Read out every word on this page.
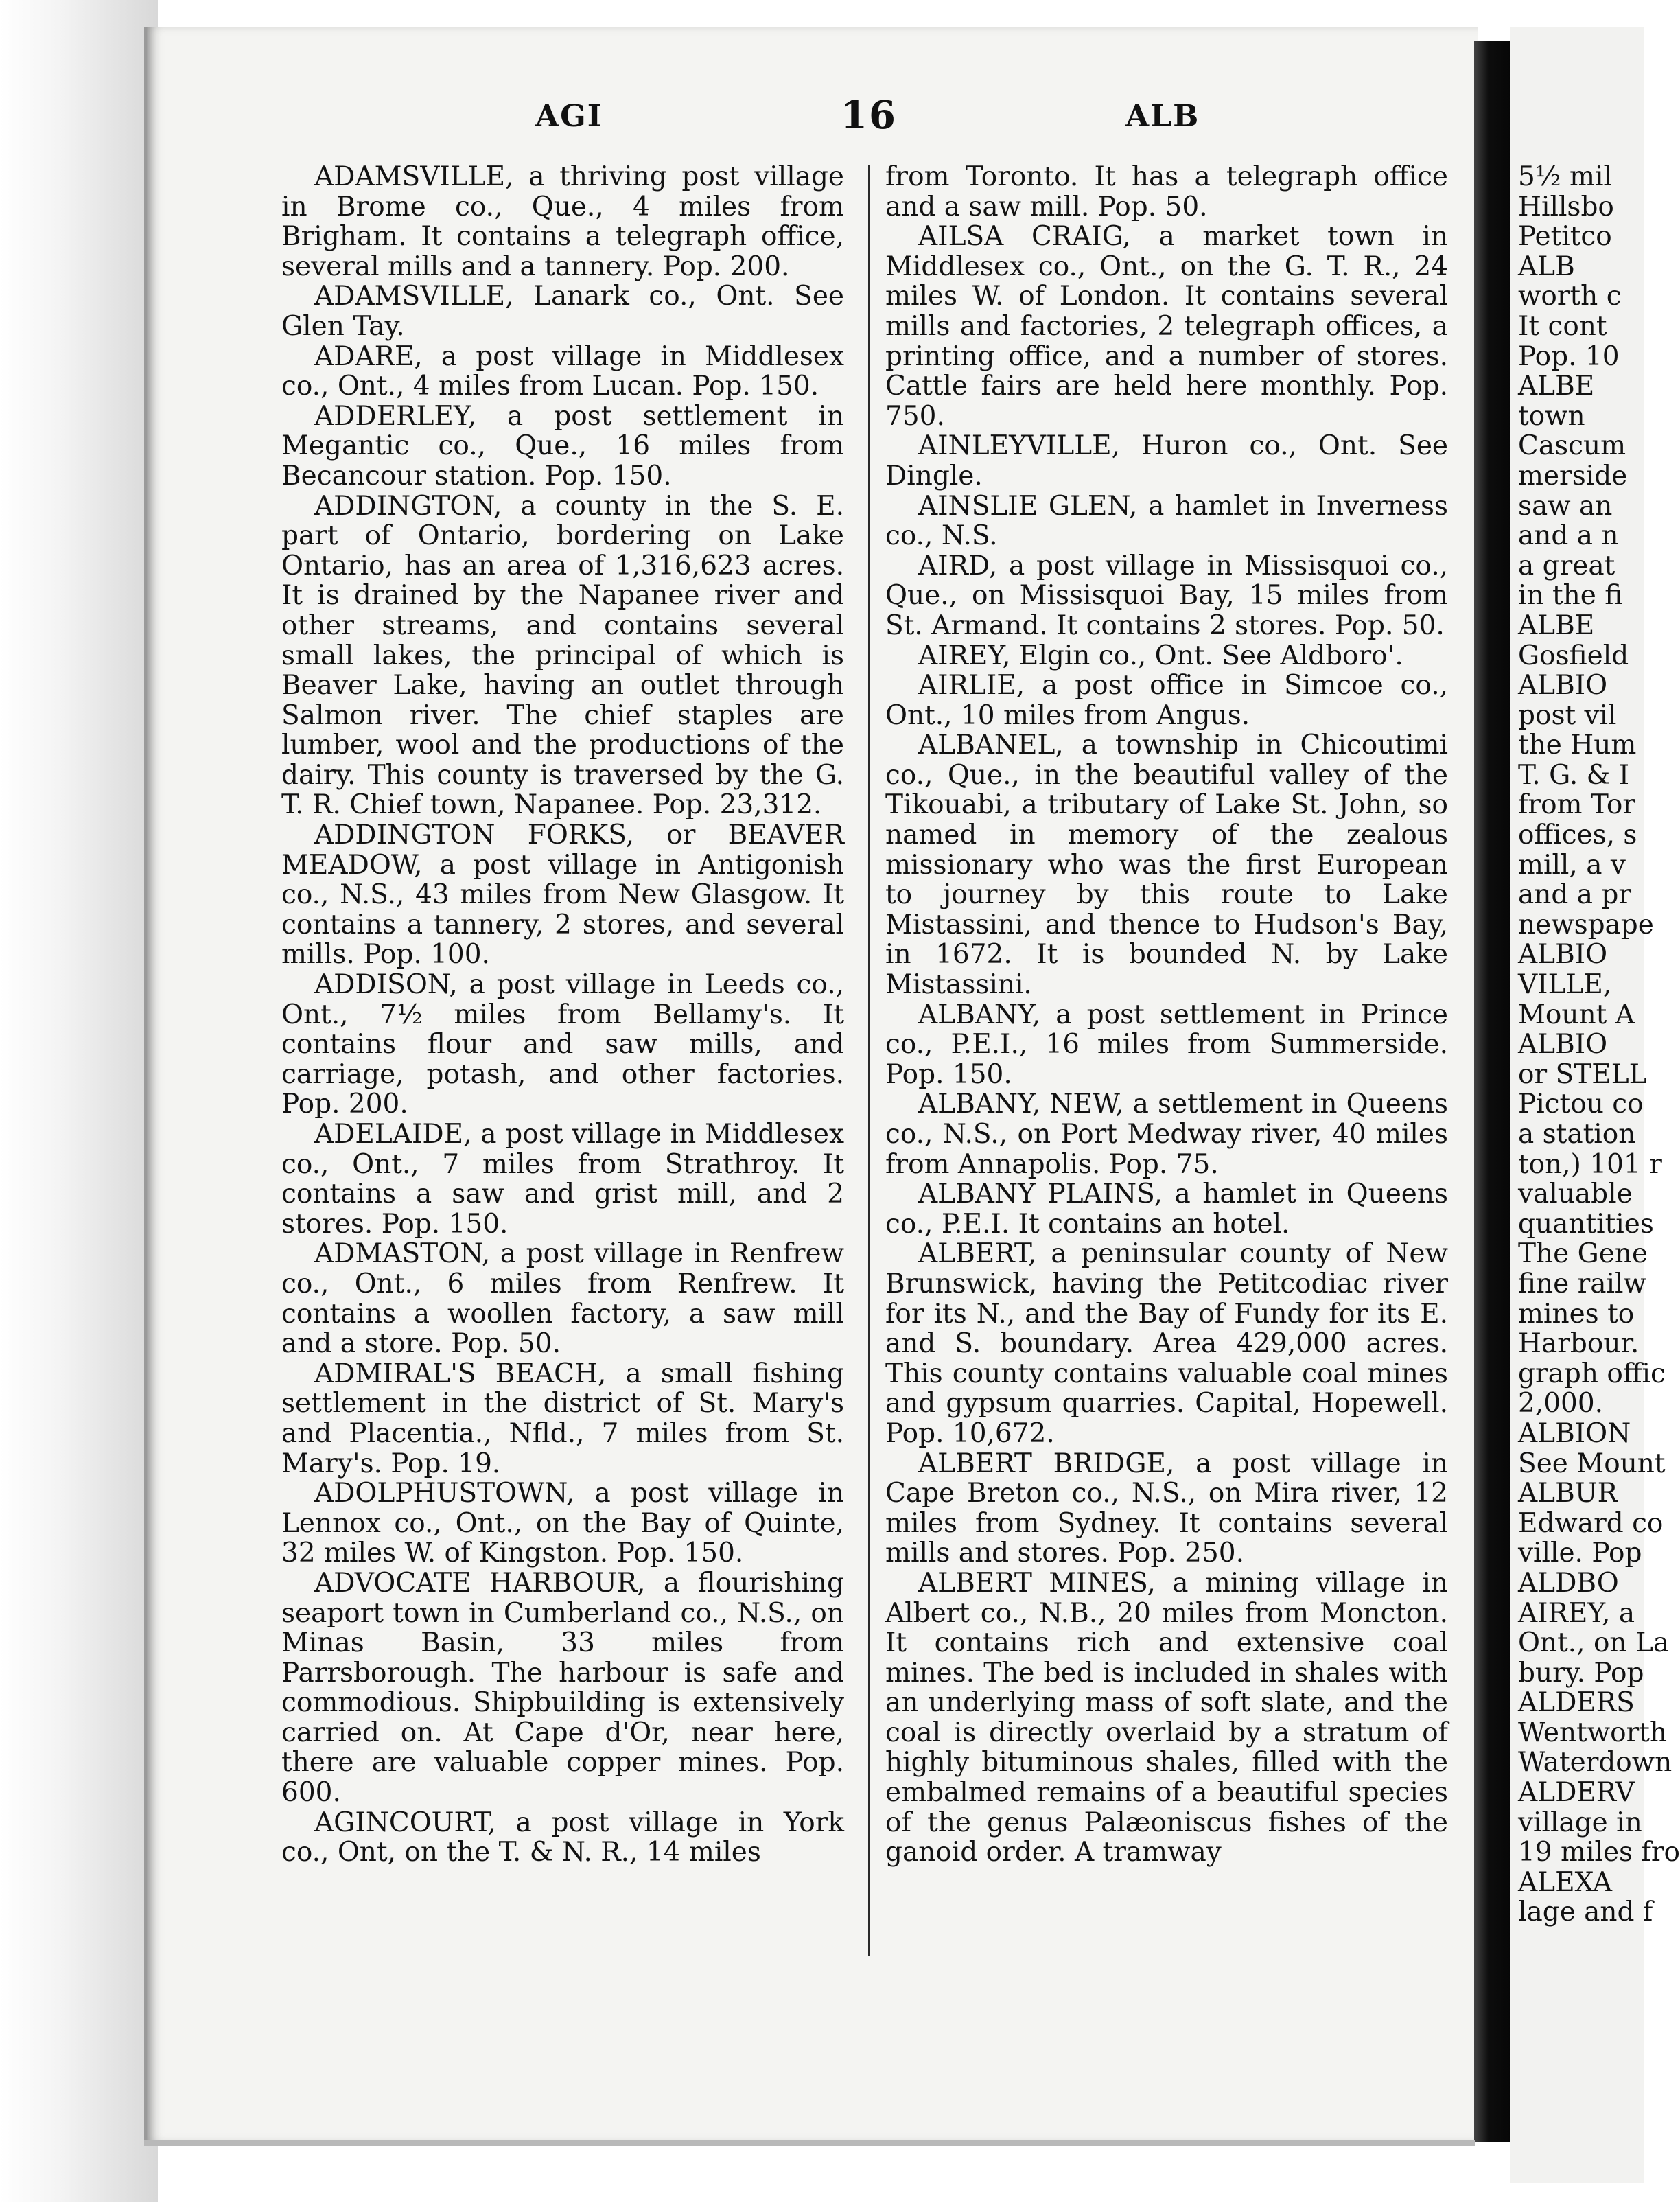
AGI	16	ALB

ADAMSVILLE, a thriving post village in Brome co., Que., 4 miles from Brigham. It contains a telegraph office, several mills and a tannery. Pop. 200.

ADAMSVILLE, Lanark co., Ont. See Glen Tay.

ADARE, a post village in Middlesex co., Ont., 4 miles from Lucan. Pop. 150.

ADDERLEY, a post settlement in Megantic co., Que., 16 miles from Becancour station. Pop. 150.

ADDINGTON, a county in the S. E. part of Ontario, bordering on Lake Ontario, has an area of 1,316,623 acres. It is drained by the Napanee river and other streams, and contains several small lakes, the principal of which is Beaver Lake, having an outlet through Salmon river. The chief staples are lumber, wool and the productions of the dairy. This county is traversed by the G. T. R. Chief town, Napanee. Pop. 23,312.

ADDINGTON FORKS, or BEAVER MEADOW, a post village in Antigonish co., N.S., 43 miles from New Glasgow. It contains a tannery, 2 stores, and several mills. Pop. 100.

ADDISON, a post village in Leeds co., Ont., 7½ miles from Bellamy's. It contains flour and saw mills, and carriage, potash, and other factories. Pop. 200.

ADELAIDE, a post village in Middlesex co., Ont., 7 miles from Strathroy. It contains a saw and grist mill, and 2 stores. Pop. 150.

ADMASTON, a post village in Renfrew co., Ont., 6 miles from Renfrew. It contains a woollen factory, a saw mill and a store. Pop. 50.

ADMIRAL'S BEACH, a small fishing settlement in the district of St. Mary's and Placentia., Nfld., 7 miles from St. Mary's. Pop. 19.

ADOLPHUSTOWN, a post village in Lennox co., Ont., on the Bay of Quinte, 32 miles W. of Kingston. Pop. 150.

ADVOCATE HARBOUR, a flourishing seaport town in Cumberland co., N.S., on Minas Basin, 33 miles from Parrsborough. The harbour is safe and commodious. Shipbuilding is extensively carried on. At Cape d'Or, near here, there are valuable copper mines. Pop. 600.

AGINCOURT, a post village in York co., Ont, on the T. & N. R., 14 miles

from Toronto. It has a telegraph office and a saw mill. Pop. 50.

AILSA CRAIG, a market town in Middlesex co., Ont., on the G. T. R., 24 miles W. of London. It contains several mills and factories, 2 telegraph offices, a printing office, and a number of stores. Cattle fairs are held here monthly. Pop. 750.

AINLEYVILLE, Huron co., Ont. See Dingle.

AINSLIE GLEN, a hamlet in Inverness co., N.S.

AIRD, a post village in Missisquoi co., Que., on Missisquoi Bay, 15 miles from St. Armand. It contains 2 stores. Pop. 50.

AIREY, Elgin co., Ont. See Aldboro'.

AIRLIE, a post office in Simcoe co., Ont., 10 miles from Angus.

ALBANEL, a township in Chicoutimi co., Que., in the beautiful valley of the Tikouabi, a tributary of Lake St. John, so named in memory of the zealous missionary who was the first European to journey by this route to Lake Mistassini, and thence to Hudson's Bay, in 1672. It is bounded N. by Lake Mistassini.

ALBANY, a post settlement in Prince co., P.E.I., 16 miles from Summerside. Pop. 150.

ALBANY, NEW, a settlement in Queens co., N.S., on Port Medway river, 40 miles from Annapolis. Pop. 75.

ALBANY PLAINS, a hamlet in Queens co., P.E.I. It contains an hotel.

ALBERT, a peninsular county of New Brunswick, having the Petitcodiac river for its N., and the Bay of Fundy for its E. and S. boundary. Area 429,000 acres. This county contains valuable coal mines and gypsum quarries. Capital, Hopewell. Pop. 10,672.

ALBERT BRIDGE, a post village in Cape Breton co., N.S., on Mira river, 12 miles from Sydney. It contains several mills and stores. Pop. 250.

ALBERT MINES, a mining village in Albert co., N.B., 20 miles from Moncton. It contains rich and extensive coal mines. The bed is included in shales with an underlying mass of soft slate, and the coal is directly overlaid by a stratum of highly bituminous shales, filled with the embalmed remains of a beautiful species of the genus Palæoniscus fishes of the ganoid order. A tramway

5½ mil
Hillsbo
Petitco
ALB
worth c
It cont
Pop. 10
ALBE
town
Cascum
merside
saw an
and a n
a great
in the fi
ALBE
Gosfield
ALBIO
post vil
the Hum
T. G. & I
from Tor
offices, s
mill, a v
and a pr
newspape
ALBIO
VILLE,
Mount A
ALBIO
or STELL
Pictou co
a station
ton,) 101 r
valuable
quantities
The Gene
fine railw
mines to
Harbour.
graph offic
2,000.
ALBION
See Mount
ALBUR
Edward co
ville. Pop
ALDBO
AIREY, a
Ont., on La
bury. Pop
ALDERS
Wentworth
Waterdown
ALDERV
village in
19 miles fro
ALEXA
lage and f
